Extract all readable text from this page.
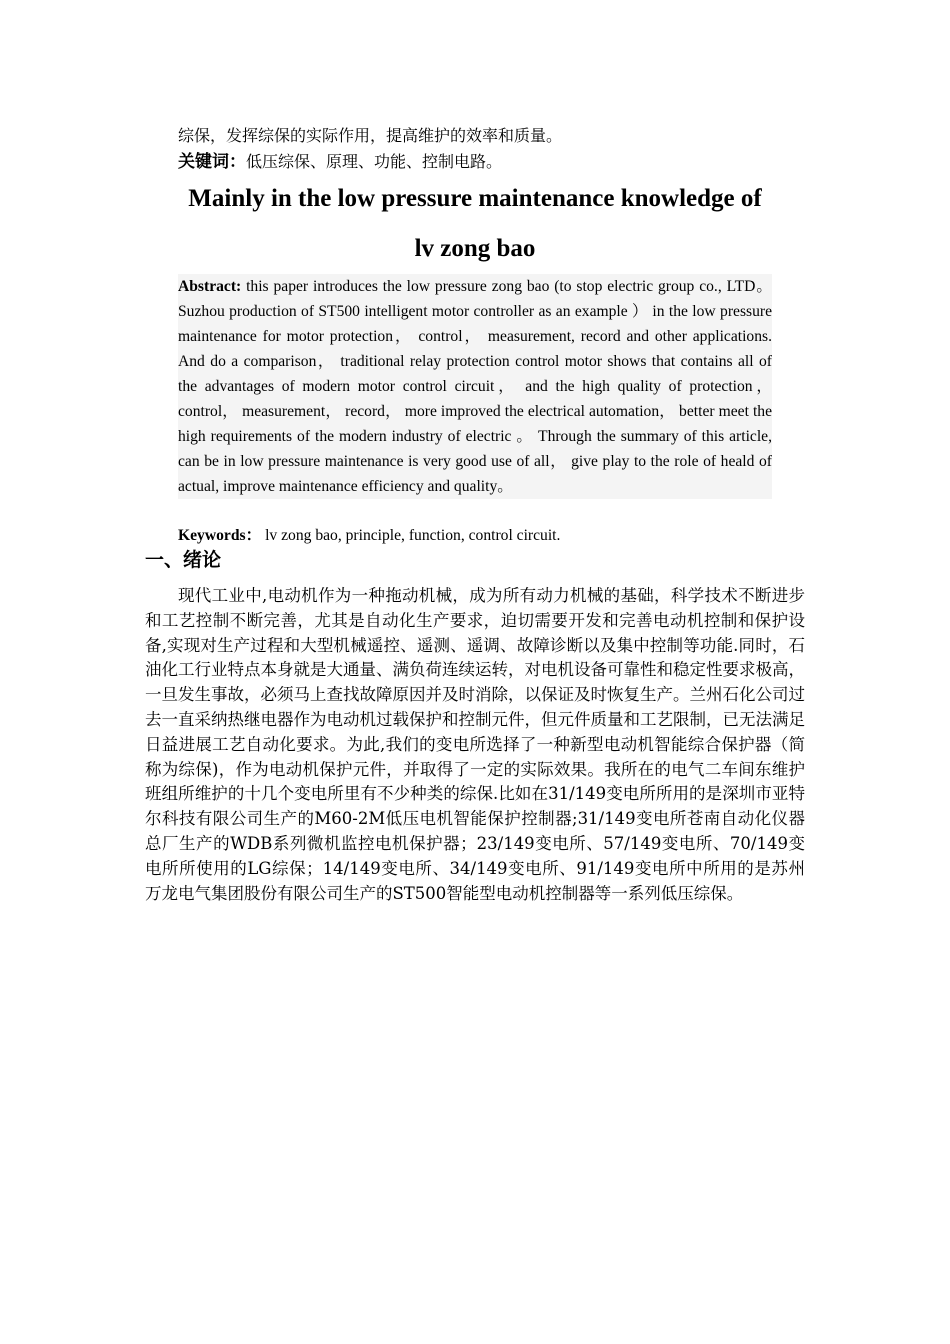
综保，发挥综保的实际作用，提高维护的效率和质量。
关键词：低压综保、原理、功能、控制电路。
Mainly in the low pressure maintenance knowledge of
lv zong bao
Abstract: this paper introduces the low pressure zong bao (to stop electric group co., LTD。 Suzhou production of ST500 intelligent motor controller as an example ） in the low pressure maintenance for motor protection， control， measurement, record and other applications. And do a comparison， traditional relay protection control motor shows that contains all of the advantages of modern motor control circuit， and the high quality of protection， control， measurement， record， more improved the electrical automation， better meet the high requirements of the modern industry of electric 。 Through the summary of this article, can be in low pressure maintenance is very good use of all， give play to the role of heald of actual, improve maintenance efficiency and quality。
Keywords： lv zong bao, principle, function, control circuit.
一、绪论
现代工业中,电动机作为一种拖动机械，成为所有动力机械的基础，科学技术不断进步和工艺控制不断完善，尤其是自动化生产要求，迫切需要开发和完善电动机控制和保护设备,实现对生产过程和大型机械遥控、遥测、遥调、故障诊断以及集中控制等功能.同时，石油化工行业特点本身就是大通量、满负荷连续运转，对电机设备可靠性和稳定性要求极高，一旦发生事故，必须马上查找故障原因并及时消除，以保证及时恢复生产。兰州石化公司过去一直采纳热继电器作为电动机过载保护和控制元件，但元件质量和工艺限制，已无法满足日益进展工艺自动化要求。为此,我们的变电所选择了一种新型电动机智能综合保护器（简称为综保)，作为电动机保护元件，并取得了一定的实际效果。我所在的电气二车间东维护班组所维护的十几个变电所里有不少种类的综保.比如在31/149变电所所用的是深圳市亚特尔科技有限公司生产的M60-2M低压电机智能保护控制器;31/149变电所苍南自动化仪器总厂生产的WDB系列微机监控电机保护器；23/149变电所、57/149变电所、70/149变电所所使用的LG综保；14/149变电所、34/149变电所、91/149变电所中所用的是苏州万龙电气集团股份有限公司生产的ST500智能型电动机控制器等一系列低压综保。
